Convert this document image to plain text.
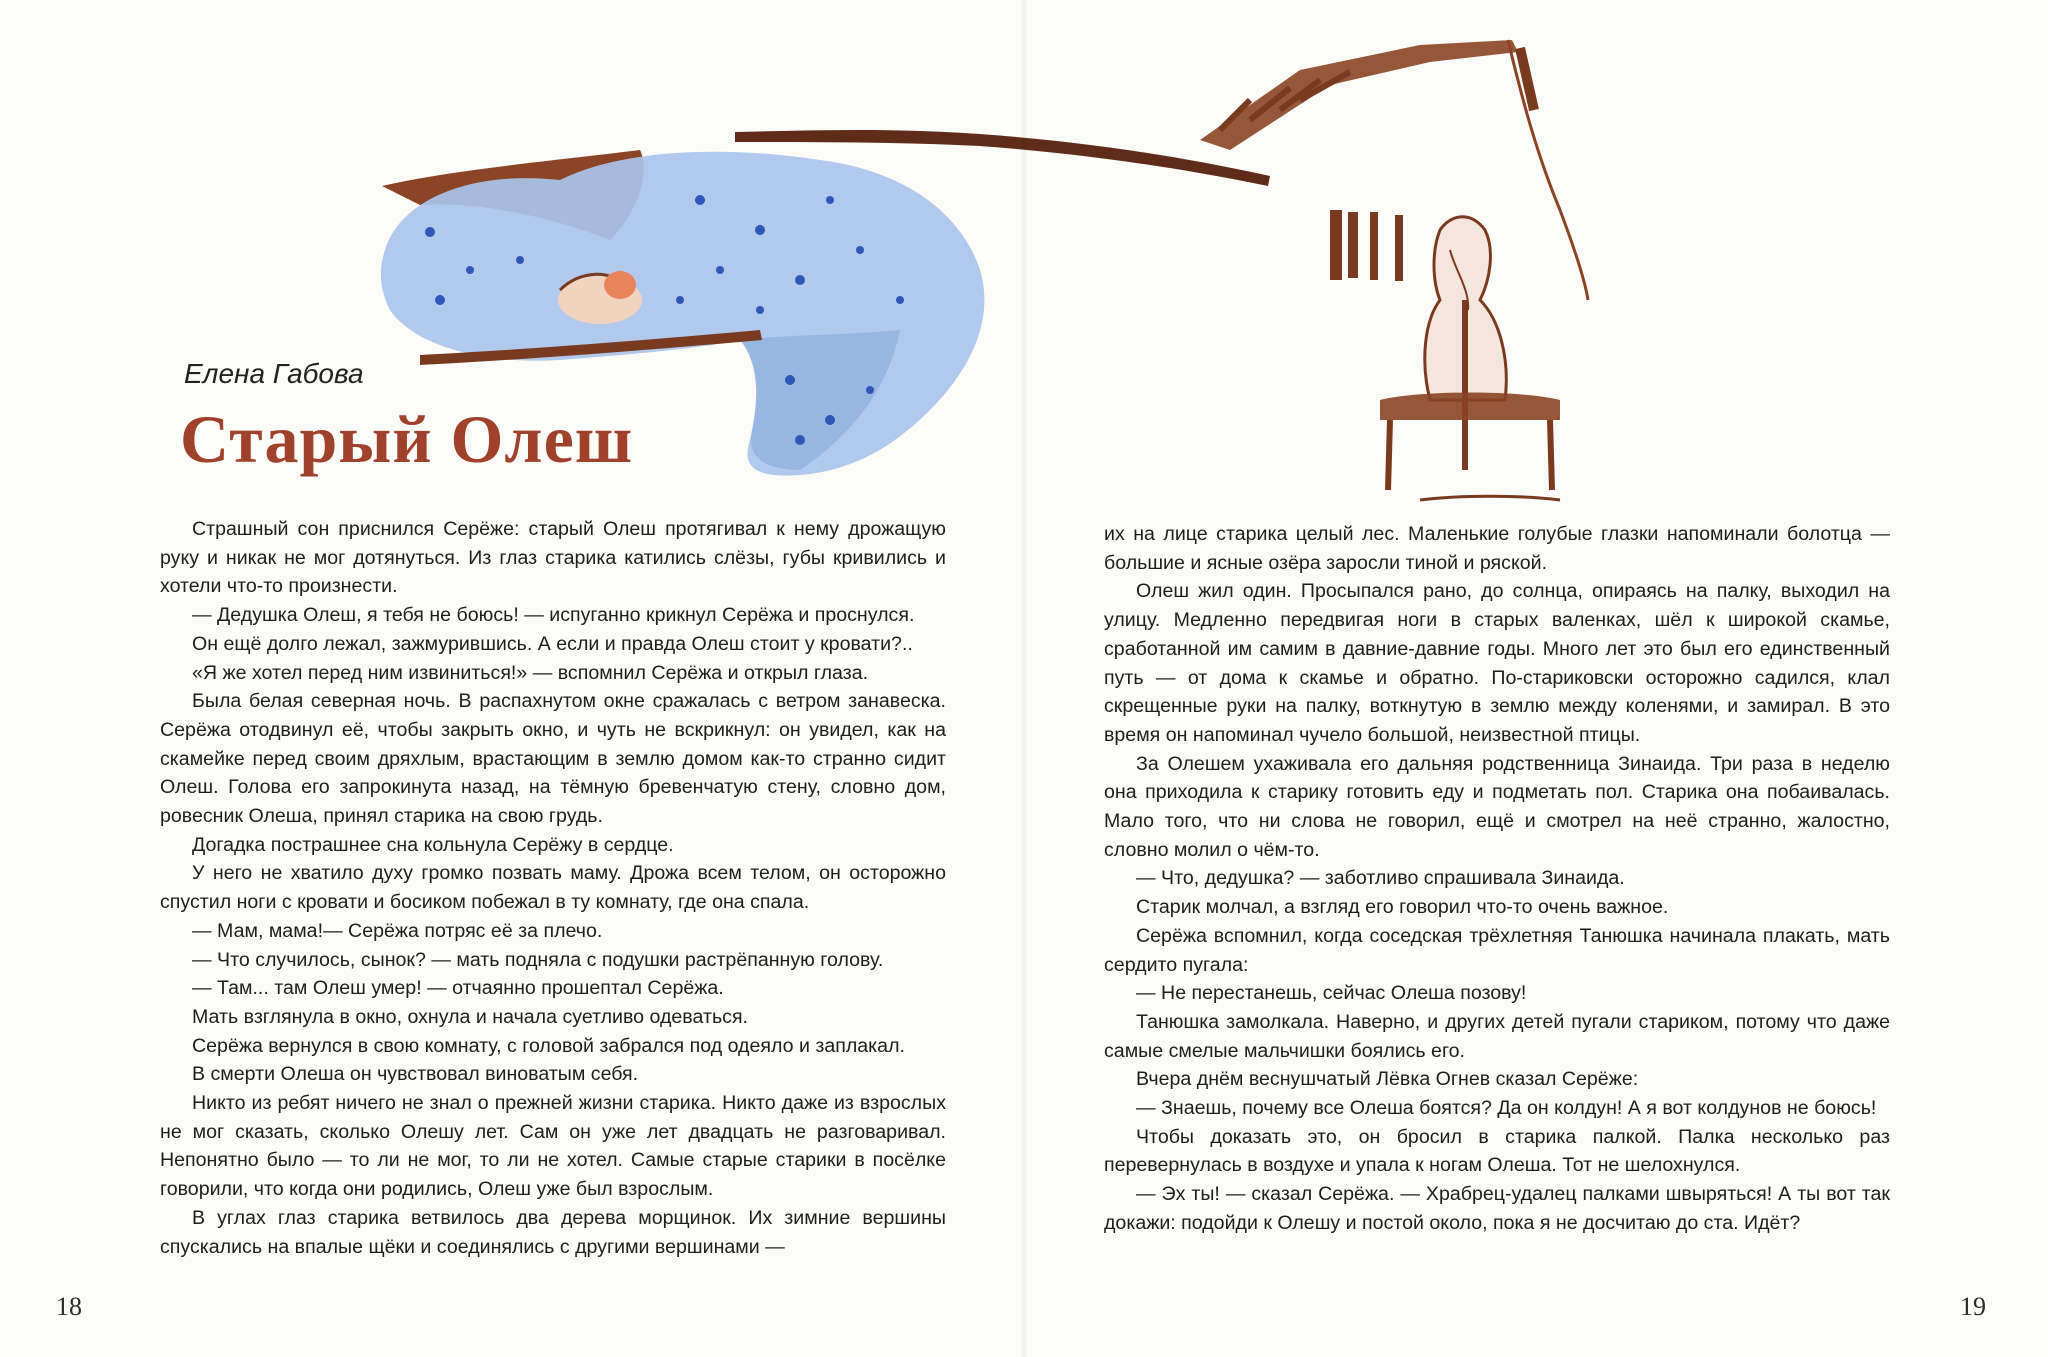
Елена Габова
Старый Олеш

Страшный сон приснился Серёже: старый Олеш протягивал к нему дрожащую руку и никак не мог дотянуться. Из глаз старика катились слёзы, губы кривились и хотели что-то произнести.

— Дедушка Олеш, я тебя не боюсь! — испуганно крикнул Серёжа и проснулся.

Он ещё долго лежал, зажмурившись. А если и правда Олеш стоит у кровати?..

«Я же хотел перед ним извиниться!» — вспомнил Серёжа и открыл глаза.

Была белая северная ночь. В распахнутом окне сражалась с ветром занавеска. Серёжа отодвинул её, чтобы закрыть окно, и чуть не вскрикнул: он увидел, как на скамейке перед своим дряхлым, врастающим в землю домом как-то странно сидит Олеш. Голова его запрокинута назад, на тёмную бревенчатую стену, словно дом, ровесник Олеша, принял старика на свою грудь.

Догадка пострашнее сна кольнула Серёжу в сердце.

У него не хватило духу громко позвать маму. Дрожа всем телом, он осторожно спустил ноги с кровати и босиком побежал в ту комнату, где она спала.

— Мам, мама!— Серёжа потряс её за плечо.

— Что случилось, сынок? — мать подняла с подушки растрёпанную голову.

— Там... там Олеш умер! — отчаянно прошептал Серёжа.

Мать взглянула в окно, охнула и начала суетливо одеваться.

Серёжа вернулся в свою комнату, с головой забрался под одеяло и заплакал.

В смерти Олеша он чувствовал виноватым себя.

Никто из ребят ничего не знал о прежней жизни старика. Никто даже из взрослых не мог сказать, сколько Олешу лет. Сам он уже лет двадцать не разговаривал. Непонятно было — то ли не мог, то ли не хотел. Самые старые старики в посёлке говорили, что когда они родились, Олеш уже был взрослым.

В углах глаз старика ветвилось два дерева морщинок. Их зимние вершины спускались на впалые щёки и соединялись с другими вершинами —

18

их на лице старика целый лес. Маленькие голубые глазки напоминали болотца — большие и ясные озёра заросли тиной и ряской.

Олеш жил один. Просыпался рано, до солнца, опираясь на палку, выходил на улицу. Медленно передвигая ноги в старых валенках, шёл к широкой скамье, сработанной им самим в давние-давние годы. Много лет это был его единственный путь — от дома к скамье и обратно. По-стариковски осторожно садился, клал скрещенные руки на палку, воткнутую в землю между коленями, и замирал. В это время он напоминал чучело большой, неизвестной птицы.

За Олешем ухаживала его дальняя родственница Зинаида. Три раза в неделю она приходила к старику готовить еду и подметать пол. Старика она побаивалась. Мало того, что ни слова не говорил, ещё и смотрел на неё странно, жалостно, словно молил о чём-то.

— Что, дедушка? — заботливо спрашивала Зинаида.

Старик молчал, а взгляд его говорил что-то очень важное.

Серёжа вспомнил, когда соседская трёхлетняя Танюшка начинала плакать, мать сердито пугала:

— Не перестанешь, сейчас Олеша позову!

Танюшка замолкала. Наверно, и других детей пугали стариком, потому что даже самые смелые мальчишки боялись его.

Вчера днём веснушчатый Лёвка Огнев сказал Серёже:

— Знаешь, почему все Олеша боятся? Да он колдун! А я вот колдунов не боюсь!

Чтобы доказать это, он бросил в старика палкой. Палка несколько раз перевернулась в воздухе и упала к ногам Олеша. Тот не шелохнулся.

— Эх ты! — сказал Серёжа. — Храбрец-удалец палками швыряться! А ты вот так докажи: подойди к Олешу и постой около, пока я не досчитаю до ста. Идёт?

19
